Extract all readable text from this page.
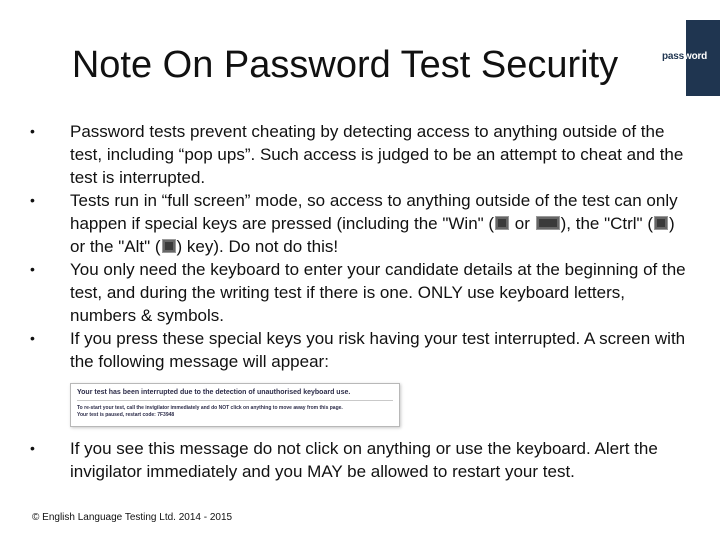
Note On Password Test Security	password
• Password tests prevent cheating by detecting access to anything outside of the test, including “pop ups”. Such access is judged to be an attempt to cheat and the test is interrupted.
• Tests run in “full screen” mode, so access to anything outside of the test can only happen if special keys are pressed (including the "Win" ( or ), the "Ctrl" ( ) or the "Alt" ( ) key). Do not do this!
• You only need the keyboard to enter your candidate details at the beginning of the test, and during the writing test if there is one. ONLY use keyboard letters, numbers & symbols.
• If you press these special keys you risk having your test interrupted. A screen with the following message will appear:
Your test has been interrupted due to the detection of unauthorised keyboard use.
To re-start your test, call the invigilator immediately and do NOT click on anything to move away from this page.
Your test is paused, restart code: 7F3948
• If you see this message do not click on anything or use the keyboard. Alert the invigilator immediately and you MAY be allowed to restart your test.
© English Language Testing Ltd. 2014 - 2015
